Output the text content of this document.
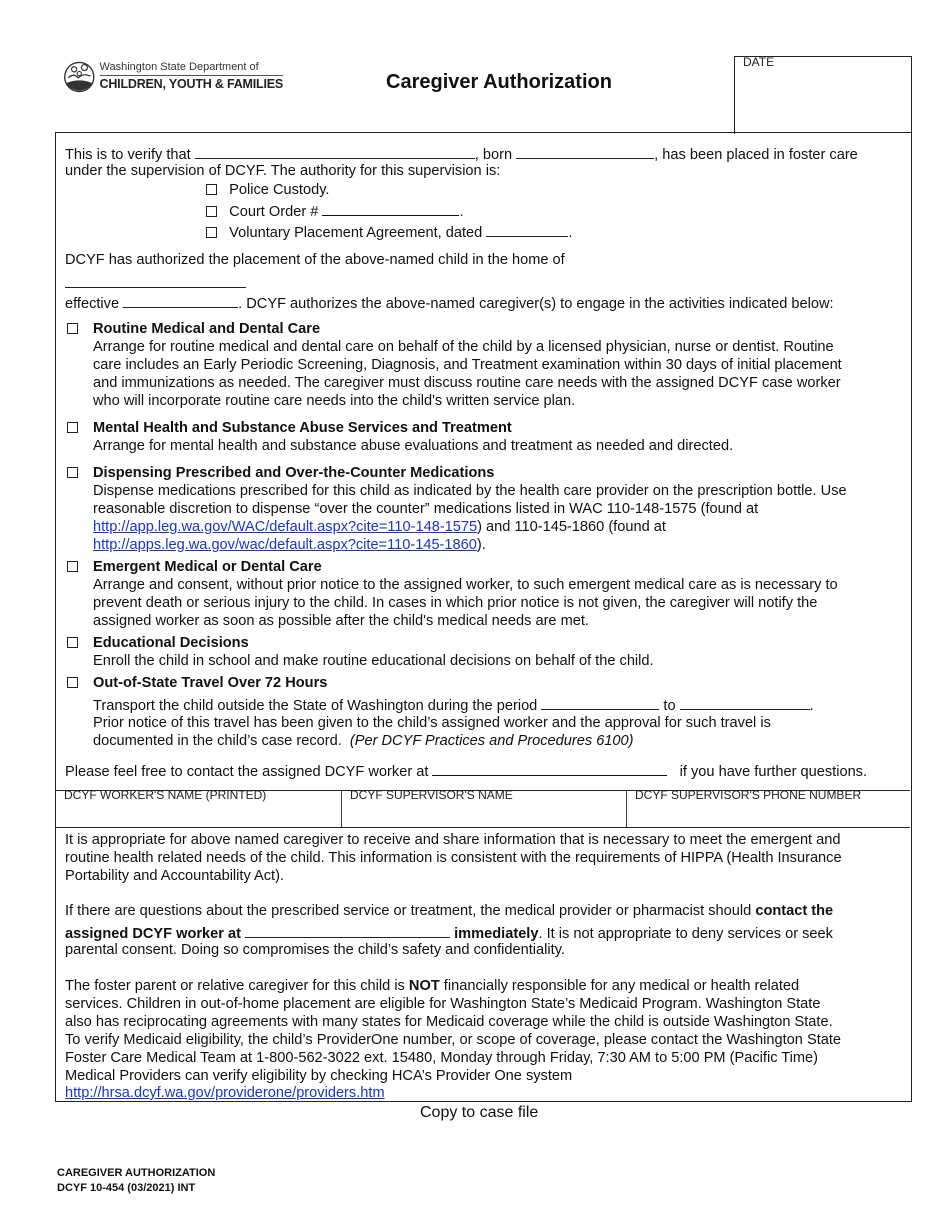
Washington State Department of
CHILDREN, YOUTH & FAMILIES	Caregiver Authorization
DATE
This is to verify that	, born	, has been placed in foster care
under the supervision of DCYF. The authority for this supervision is:
Police Custody.
Court Order #	.
Voluntary Placement Agreement, dated	.
DCYF has authorized the placement of the above-named child in the home of
effective	. DCYF authorizes the above-named caregiver(s) to engage in the activities indicated below:
Routine Medical and Dental Care
Arrange for routine medical and dental care on behalf of the child by a licensed physician, nurse or dentist. Routine
care includes an Early Periodic Screening, Diagnosis, and Treatment examination within 30 days of initial placement
and immunizations as needed. The caregiver must discuss routine care needs with the assigned DCYF case worker
who will incorporate routine care needs into the child's written service plan.
Mental Health and Substance Abuse Services and Treatment
Arrange for mental health and substance abuse evaluations and treatment as needed and directed.
Dispensing Prescribed and Over-the-Counter Medications
Dispense medications prescribed for this child as indicated by the health care provider on the prescription bottle. Use
reasonable discretion to dispense “over the counter” medications listed in WAC 110-148-1575 (found at
http://app.leg.wa.gov/WAC/default.aspx?cite=110-148-1575) and 110-145-1860 (found at
http://apps.leg.wa.gov/wac/default.aspx?cite=110-145-1860).
Emergent Medical or Dental Care
Arrange and consent, without prior notice to the assigned worker, to such emergent medical care as is necessary to
prevent death or serious injury to the child. In cases in which prior notice is not given, the caregiver will notify the
assigned worker as soon as possible after the child's medical needs are met.
Educational Decisions
Enroll the child in school and make routine educational decisions on behalf of the child.
Out-of-State Travel Over 72 Hours
Transport the child outside the State of Washington during the period	to	.
Prior notice of this travel has been given to the child’s assigned worker and the approval for such travel is
documented in the child’s case record. (Per DCYF Practices and Procedures 6100)
Please feel free to contact the assigned DCYF worker at	if you have further questions.
DCYF WORKER'S NAME (PRINTED)	DCYF SUPERVISOR'S NAME	DCYF SUPERVISOR'S PHONE NUMBER
It is appropriate for above named caregiver to receive and share information that is necessary to meet the emergent and
routine health related needs of the child. This information is consistent with the requirements of HIPPA (Health Insurance
Portability and Accountability Act).
If there are questions about the prescribed service or treatment, the medical provider or pharmacist should contact the
assigned DCYF worker at	immediately. It is not appropriate to deny services or seek
parental consent. Doing so compromises the child’s safety and confidentiality.
The foster parent or relative caregiver for this child is NOT financially responsible for any medical or health related
services. Children in out-of-home placement are eligible for Washington State’s Medicaid Program. Washington State
also has reciprocating agreements with many states for Medicaid coverage while the child is outside Washington State.
To verify Medicaid eligibility, the child’s ProviderOne number, or scope of coverage, please contact the Washington State
Foster Care Medical Team at 1-800-562-3022 ext. 15480, Monday through Friday, 7:30 AM to 5:00 PM (Pacific Time)
Medical Providers can verify eligibility by checking HCA’s Provider One system
http://hrsa.dcyf.wa.gov/providerone/providers.htm
Copy to case file
CAREGIVER AUTHORIZATION
DCYF 10-454 (03/2021) INT
